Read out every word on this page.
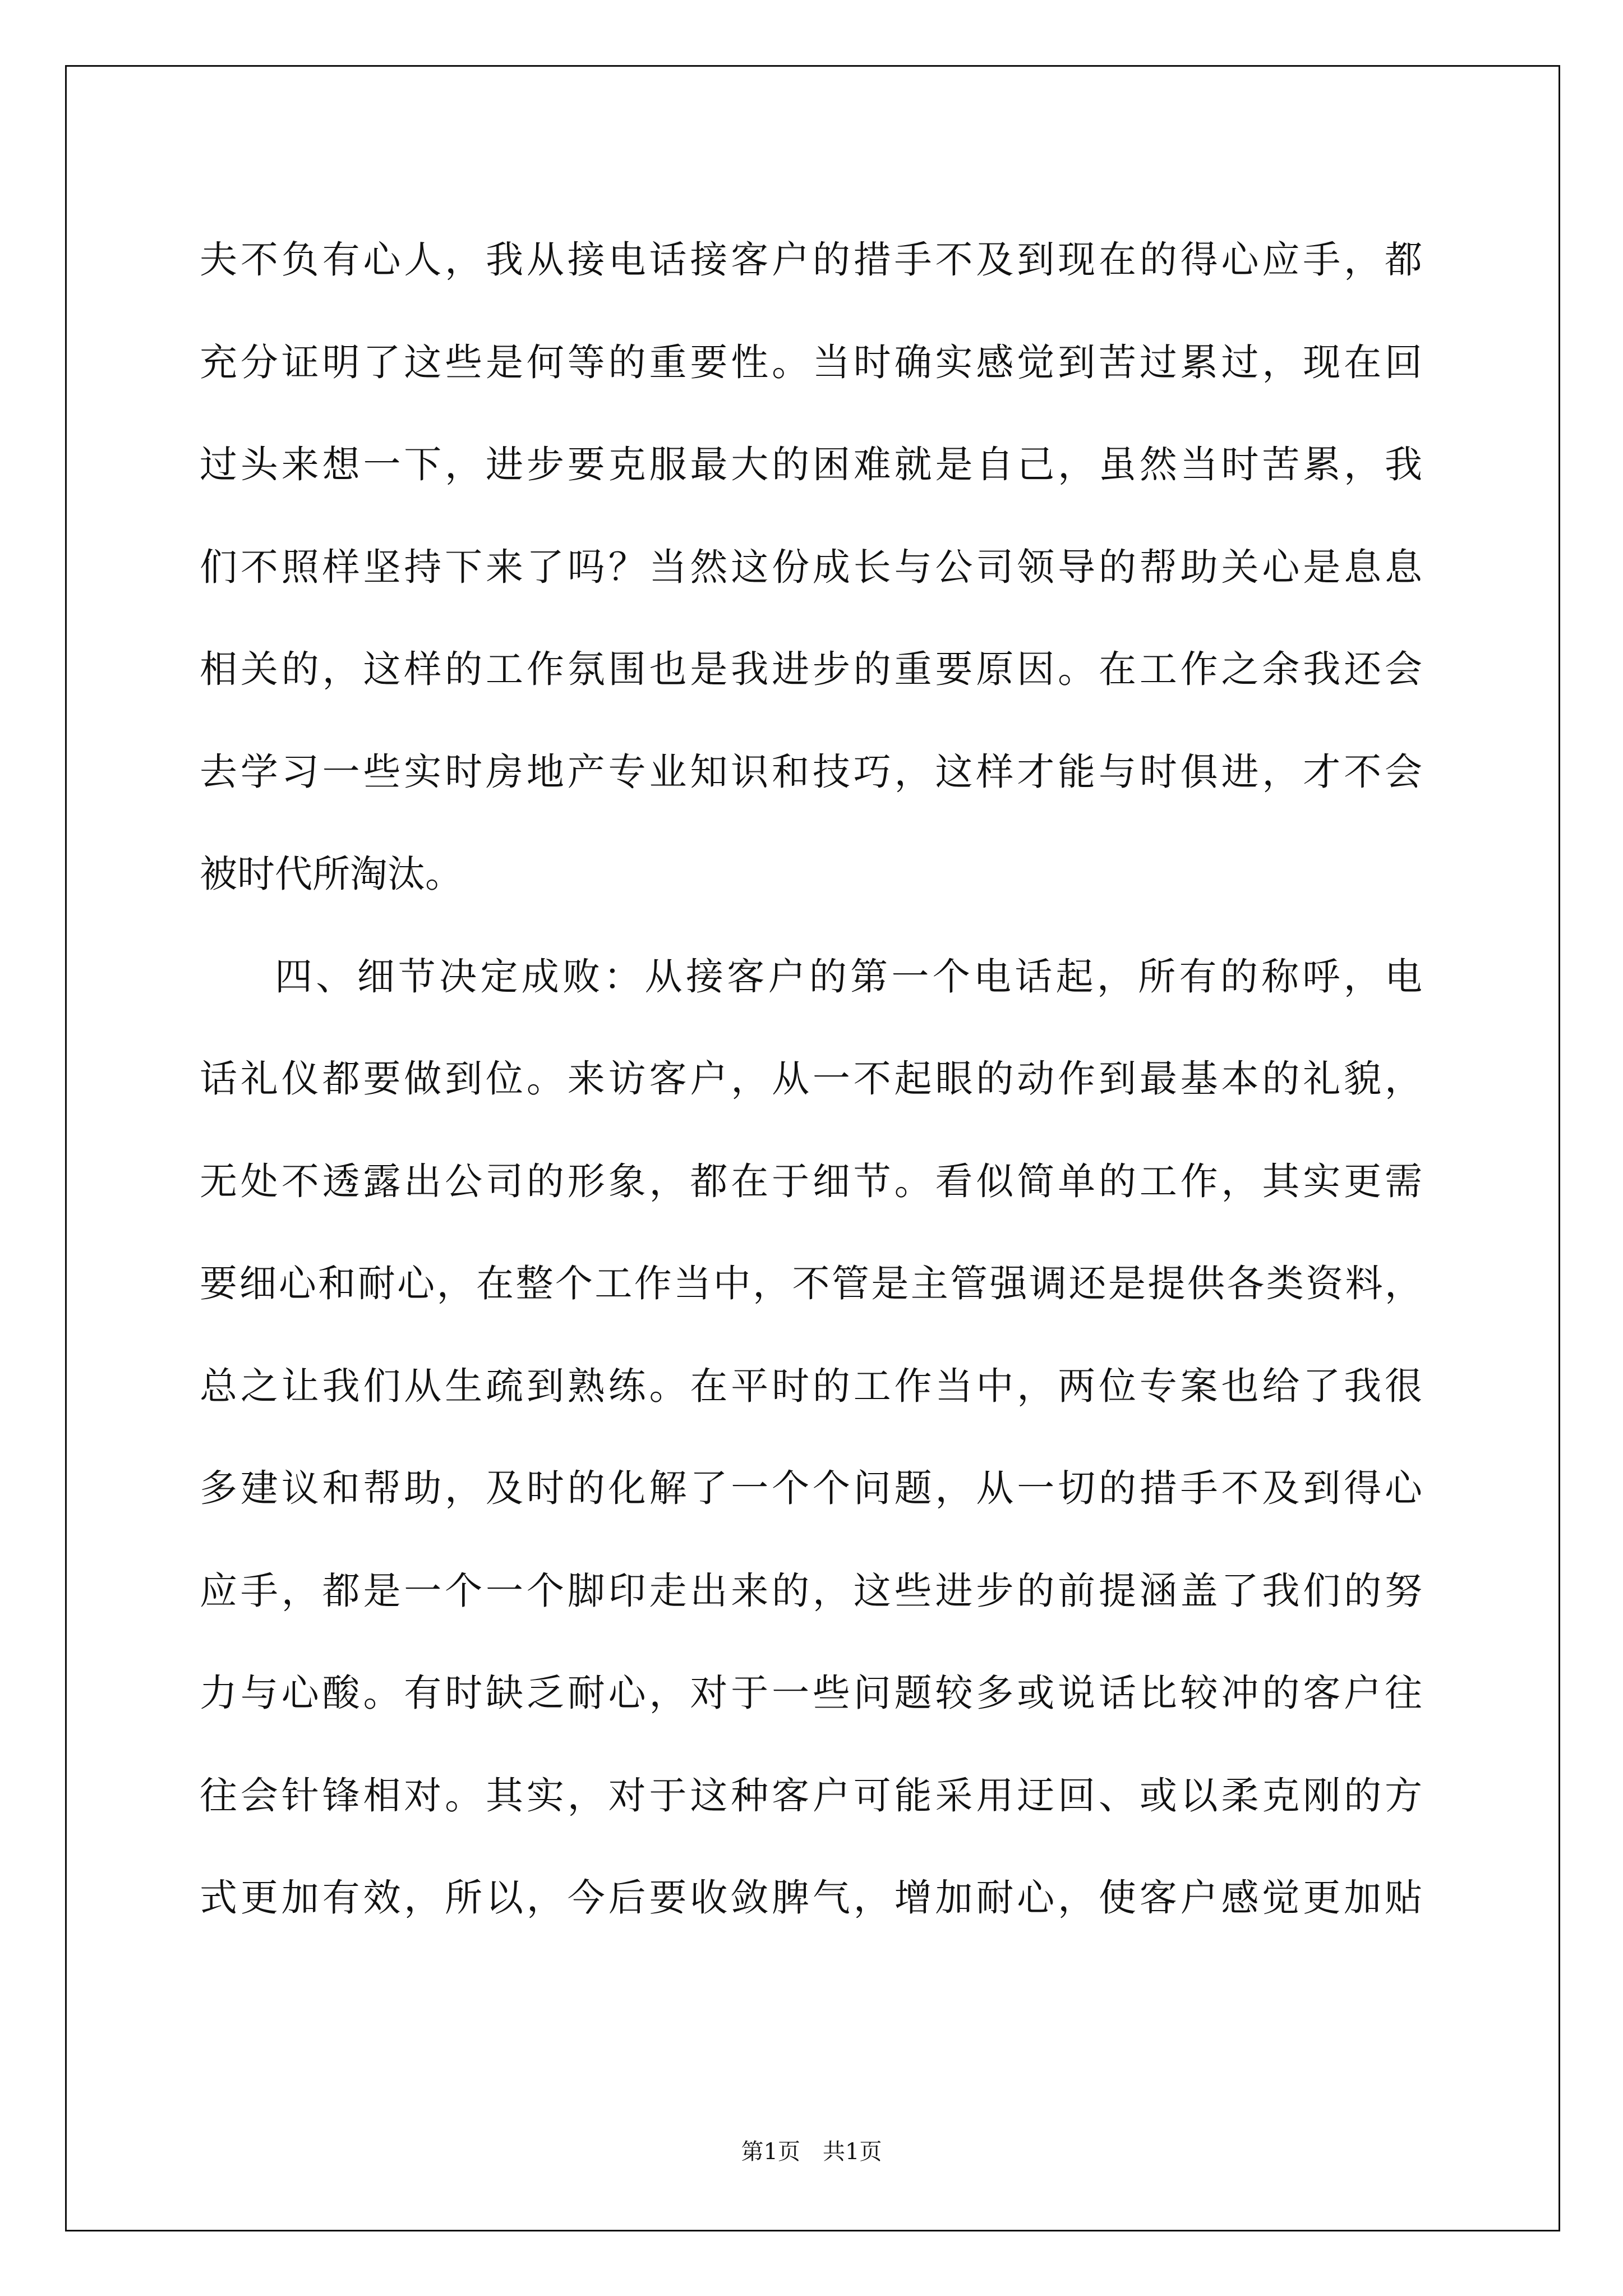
夫不负有心人，我从接电话接客户的措手不及到现在的得心应手，都
充分证明了这些是何等的重要性。当时确实感觉到苦过累过，现在回
过头来想一下，进步要克服最大的困难就是自己，虽然当时苦累，我
们不照样坚持下来了吗？当然这份成长与公司领导的帮助关心是息息
相关的，这样的工作氛围也是我进步的重要原因。在工作之余我还会
去学习一些实时房地产专业知识和技巧，这样才能与时俱进，才不会
被时代所淘汰。
四、细节决定成败：从接客户的第一个电话起，所有的称呼，电
话礼仪都要做到位。来访客户，从一不起眼的动作到最基本的礼貌，
无处不透露出公司的形象，都在于细节。看似简单的工作，其实更需
要细心和耐心，在整个工作当中，不管是主管强调还是提供各类资料，
总之让我们从生疏到熟练。在平时的工作当中，两位专案也给了我很
多建议和帮助，及时的化解了一个个问题，从一切的措手不及到得心
应手，都是一个一个脚印走出来的，这些进步的前提涵盖了我们的努
力与心酸。有时缺乏耐心，对于一些问题较多或说话比较冲的客户往
往会针锋相对。其实，对于这种客户可能采用迂回、或以柔克刚的方
式更加有效，所以，今后要收敛脾气，增加耐心，使客户感觉更加贴
第1页　共1页
